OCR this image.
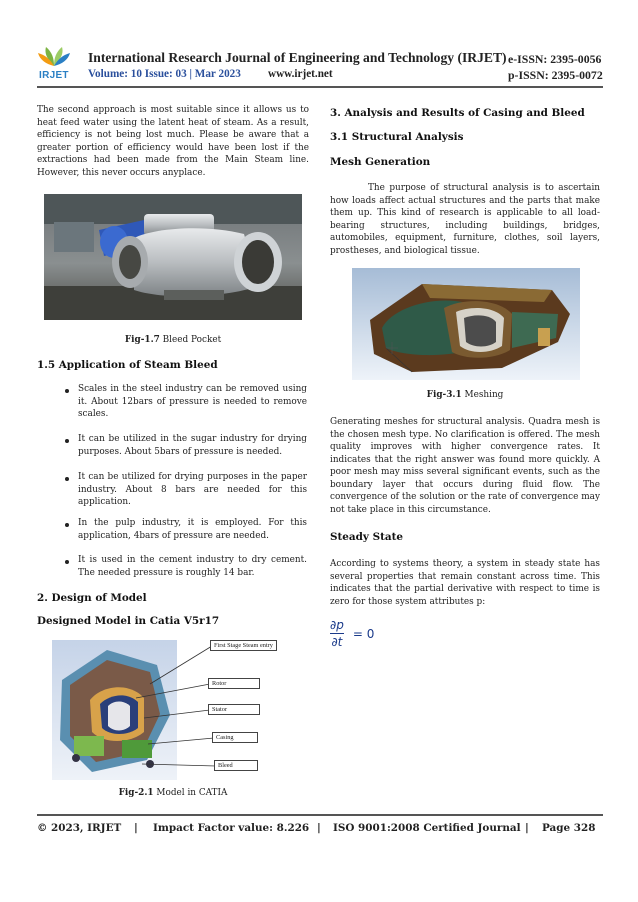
IRJET
International Research Journal of Engineering and Technology (IRJET) e-ISSN: 2395-0056
Volume: 10 Issue: 03 | Mar 2023 www.irjet.net	p-ISSN: 2395-0072
The second approach is most suitable since it allows us to heat feed water using the latent heat of steam. As a result, efficiency is not being lost much. Please be aware that a greater portion of efficiency would have been lost if the extractions had been made from the Main Steam line. However, this never occurs anyplace.
Fig-1.7 Bleed Pocket
1.5 Application of Steam Bleed
Scales in the steel industry can be removed using it. About 12bars of pressure is needed to remove scales.
It can be utilized in the sugar industry for drying purposes. About 5bars of pressure is needed.
It can be utilized for drying purposes in the paper industry. About 8 bars are needed for this application.
In the pulp industry, it is employed. For this application, 4bars of pressure are needed.
It is used in the cement industry to dry cement. The needed pressure is roughly 14 bar.
2. Design of Model
Designed Model in Catia V5r17
First Stage Steam entry
Rotor
Stator
Casing
Bleed
Fig-2.1 Model in CATIA
3. Analysis and Results of Casing and Bleed
3.1 Structural Analysis
Mesh Generation
The purpose of structural analysis is to ascertain how loads affect actual structures and the parts that make them up. This kind of research is applicable to all load-bearing structures, including buildings, bridges, automobiles, equipment, furniture, clothes, soil layers, prostheses, and biological tissue.
Fig-3.1 Meshing
Generating meshes for structural analysis. Quadra mesh is the chosen mesh type. No clarification is offered. The mesh quality improves with higher convergence rates. It indicates that the right answer was found more quickly. A poor mesh may miss several significant events, such as the boundary layer that occurs during fluid flow. The convergence of the solution or the rate of convergence may not take place in this circumstance.
Steady State
According to systems theory, a system in steady state has several properties that remain constant across time. This indicates that the partial derivative with respect to time is zero for those system attributes p:
$\frac{\partial p}{\partial t} = 0$
© 2023, IRJET | Impact Factor value: 8.226 | ISO 9001:2008 Certified Journal | Page 328
